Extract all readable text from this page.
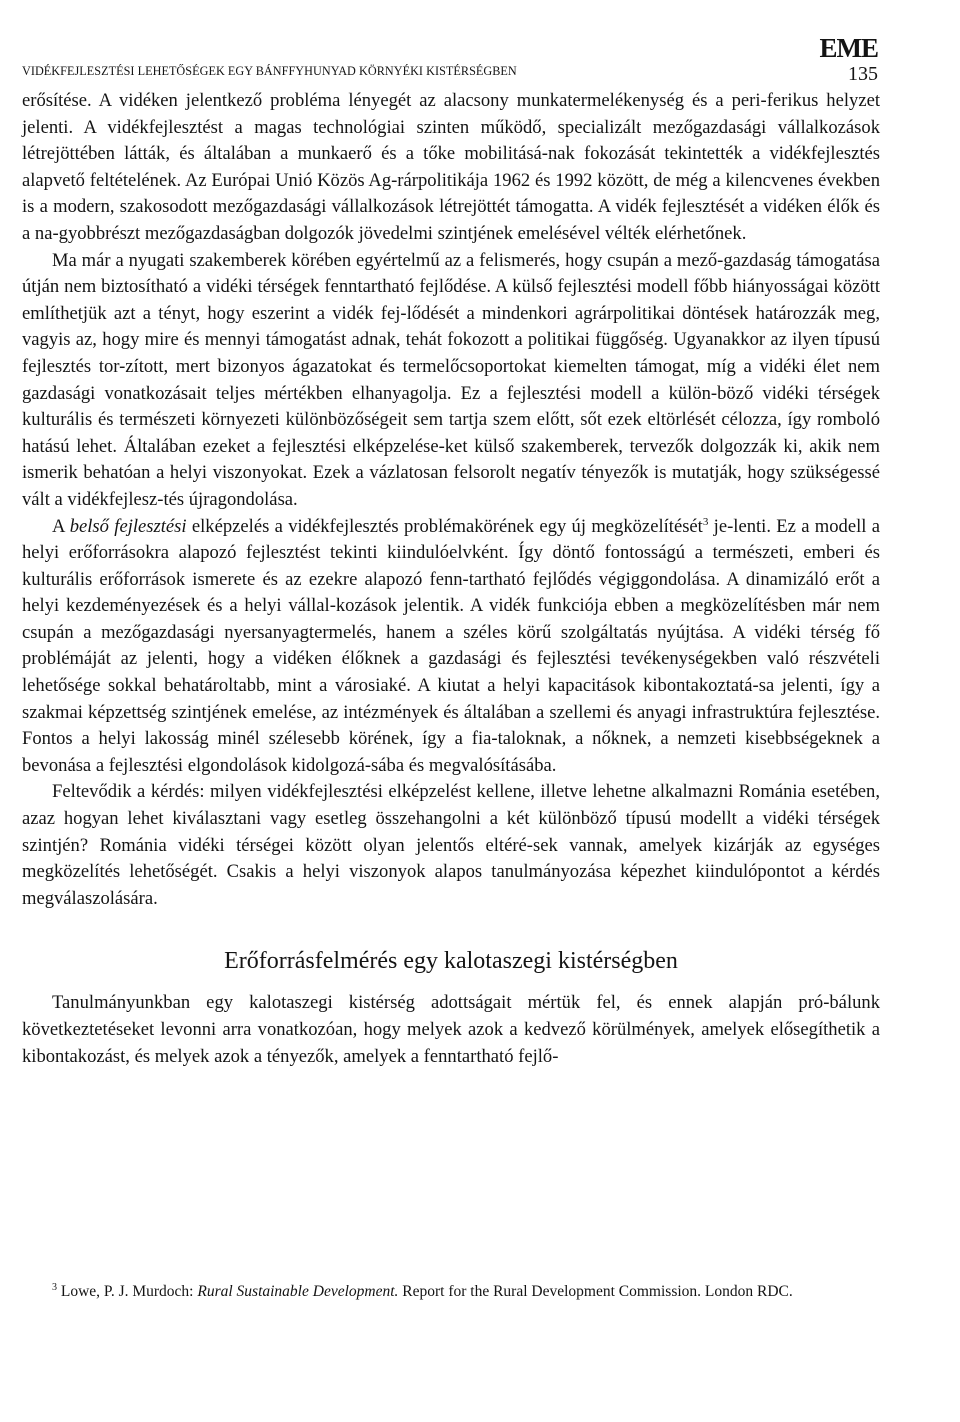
VIDÉKFEJLESZTÉSI LEHETŐSÉGEK EGY BÁNFFYHUNYAD KÖRNYÉKI KISTÉRSÉGBEN
EME
135

erősítése. A vidéken jelentkező probléma lényegét az alacsony munkatermelékenység és a peri-ferikus helyzet jelenti. A vidékfejlesztést a magas technológiai szinten működő, specializált mezőgazdasági vállalkozások létrejöttében látták, és általában a munkaerő és a tőke mobilitásá-nak fokozását tekintették a vidékfejlesztés alapvető feltételének. Az Európai Unió Közös Ag-rárpolitikája 1962 és 1992 között, de még a kilencvenes években is a modern, szakosodott mezőgazdasági vállalkozások létrejöttét támogatta. A vidék fejlesztését a vidéken élők és a na-gyobbrészt mezőgazdaságban dolgozók jövedelmi szintjének emelésével vélték elérhetőnek.

Ma már a nyugati szakemberek körében egyértelmű az a felismerés, hogy csupán a mező-gazdaság támogatása útján nem biztosítható a vidéki térségek fenntartható fejlődése. A külső fejlesztési modell főbb hiányosságai között említhetjük azt a tényt, hogy eszerint a vidék fej-lődését a mindenkori agrárpolitikai döntések határozzák meg, vagyis az, hogy mire és mennyi támogatást adnak, tehát fokozott a politikai függőség. Ugyanakkor az ilyen típusú fejlesztés tor-zított, mert bizonyos ágazatokat és termelőcsoportokat kiemelten támogat, míg a vidéki élet nem gazdasági vonatkozásait teljes mértékben elhanyagolja. Ez a fejlesztési modell a külön-böző vidéki térségek kulturális és természeti környezeti különbözőségeit sem tartja szem előtt, sőt ezek eltörlését célozza, így romboló hatású lehet. Általában ezeket a fejlesztési elképzelése-ket külső szakemberek, tervezők dolgozzák ki, akik nem ismerik behatóan a helyi viszonyokat. Ezek a vázlatosan felsorolt negatív tényezők is mutatják, hogy szükségessé vált a vidékfejlesz-tés újragondolása.

A belső fejlesztési elképzelés a vidékfejlesztés problémakörének egy új megközelítését$^3$ je-lenti. Ez a modell a helyi erőforrásokra alapozó fejlesztést tekinti kiindulóelvként. Így döntő fontosságú a természeti, emberi és kulturális erőforrások ismerete és az ezekre alapozó fenn-tartható fejlődés végiggondolása. A dinamizáló erőt a helyi kezdeményezések és a helyi vállal-kozások jelentik. A vidék funkciója ebben a megközelítésben már nem csupán a mezőgazdasági nyersanyagtermelés, hanem a széles körű szolgáltatás nyújtása. A vidéki térség fő problémáját az jelenti, hogy a vidéken élőknek a gazdasági és fejlesztési tevékenységekben való részvételi lehetősége sokkal behatároltabb, mint a városiaké. A kiutat a helyi kapacitások kibontakoztatá-sa jelenti, így a szakmai képzettség szintjének emelése, az intézmények és általában a szellemi és anyagi infrastruktúra fejlesztése. Fontos a helyi lakosság minél szélesebb körének, így a fia-taloknak, a nőknek, a nemzeti kisebbségeknek a bevonása a fejlesztési elgondolások kidolgozá-sába és megvalósításába.

Feltevődik a kérdés: milyen vidékfejlesztési elképzelést kellene, illetve lehetne alkalmazni Románia esetében, azaz hogyan lehet kiválasztani vagy esetleg összehangolni a két különböző típusú modellt a vidéki térségek szintjén? Románia vidéki térségei között olyan jelentős eltéré-sek vannak, amelyek kizárják az egységes megközelítés lehetőségét. Csakis a helyi viszonyok alapos tanulmányozása képezhet kiindulópontot a kérdés megválaszolására.

Erőforrásfelmérés egy kalotaszegi kistérségben

Tanulmányunkban egy kalotaszegi kistérség adottságait mértük fel, és ennek alapján pró-bálunk következtetéseket levonni arra vonatkozóan, hogy melyek azok a kedvező körülmények, amelyek elősegíthetik a kibontakozást, és melyek azok a tényezők, amelyek a fenntartható fejlő-

$^3$ Lowe, P. J. Murdoch: Rural Sustainable Development. Report for the Rural Development Commission. London RDC.
